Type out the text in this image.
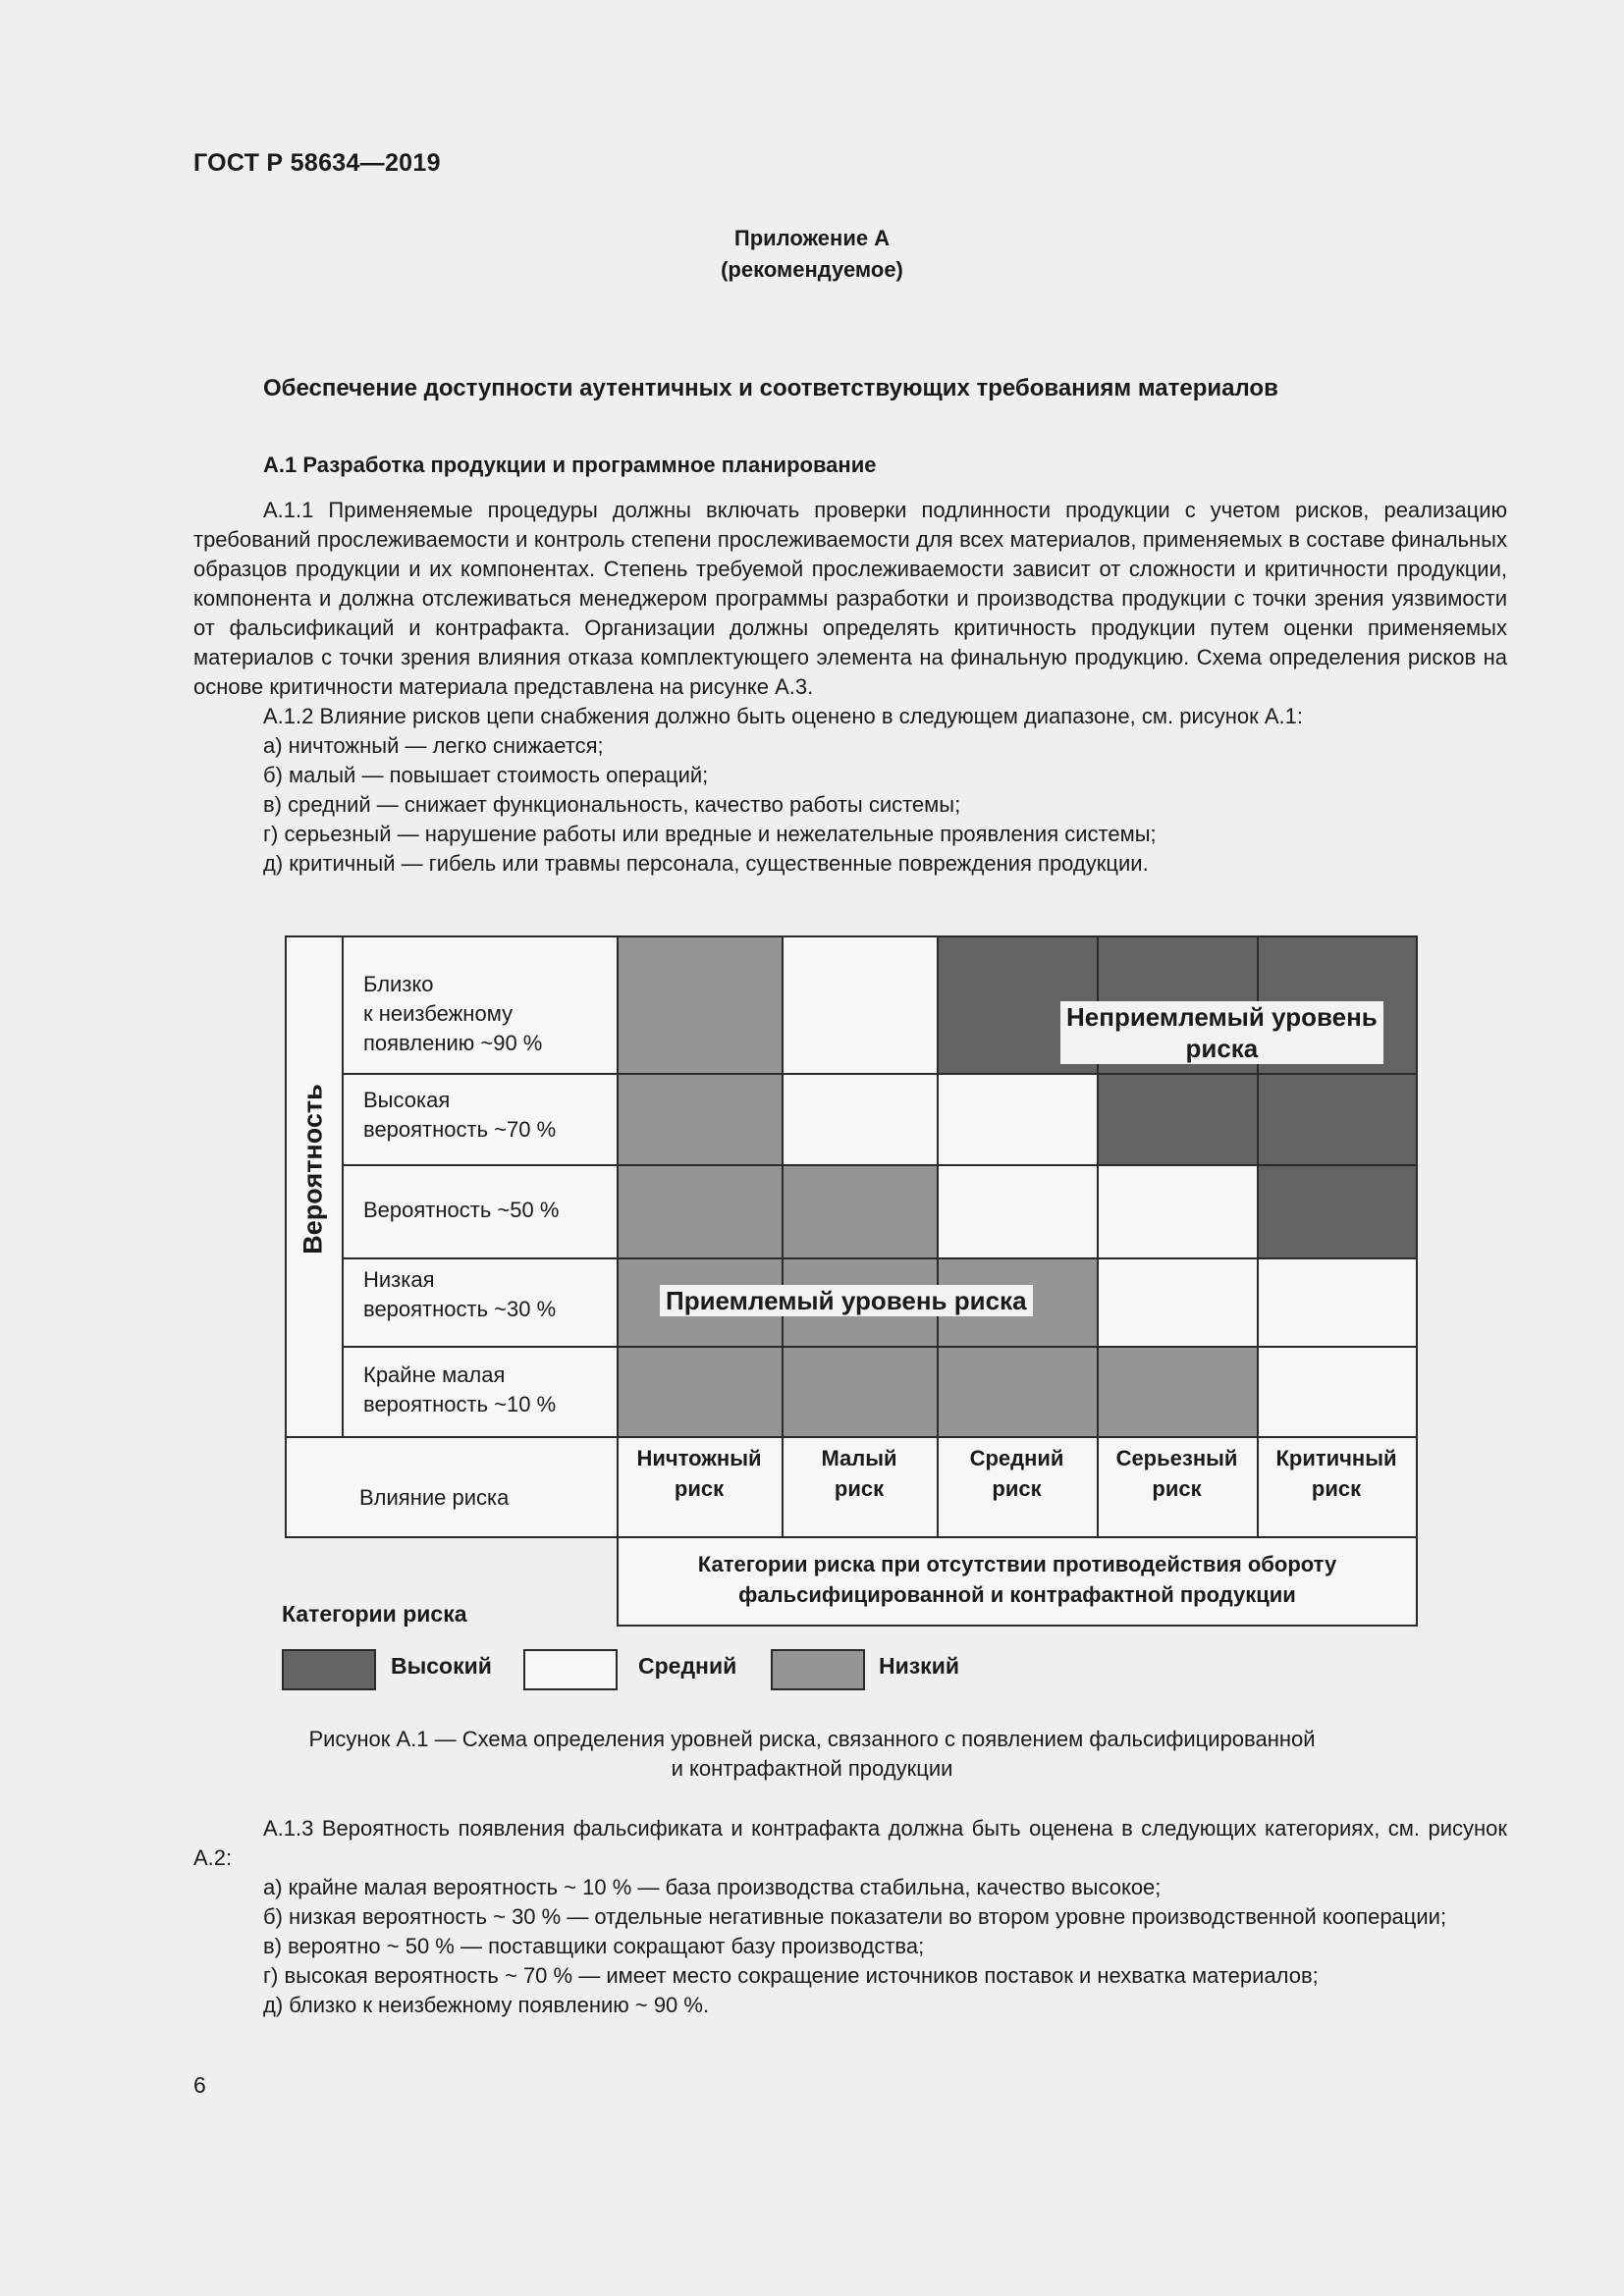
ГОСТ Р 58634—2019
Приложение А
(рекомендуемое)
Обеспечение доступности аутентичных и соответствующих требованиям материалов
А.1 Разработка продукции и программное планирование

А.1.1 Применяемые процедуры должны включать проверки подлинности продукции с учетом рисков, реализацию требований прослеживаемости и контроль степени прослеживаемости для всех материалов, применяемых в составе финальных образцов продукции и их компонентах. Степень требуемой прослеживаемости зависит от сложности и критичности продукции, компонента и должна отслеживаться менеджером программы разработки и производства продукции с точки зрения уязвимости от фальсификаций и контрафакта. Организации должны определять критичность продукции путем оценки применяемых материалов с точки зрения влияния отказа комплектующего элемента на финальную продукцию. Схема определения рисков на основе критичности материала представлена на рисунке А.3.

А.1.2 Влияние рисков цепи снабжения должно быть оценено в следующем диапазоне, см. рисунок А.1:

а) ничтожный — легко снижается;

б) малый — повышает стоимость операций;

в) средний — снижает функциональность, качество работы системы;

г) серьезный — нарушение работы или вредные и нежелательные проявления системы;

д) критичный — гибель или травмы персонала, существенные повреждения продукции.

Вероятность
Близко
к неизбежному
появлению ~90 %
Высокая
вероятность ~70 %
Вероятность ~50 %
Низкая
вероятность ~30 %
Крайне малая
вероятность ~10 %
Ничтожный
риск
Малый
риск
Средний
риск
Серьезный
риск
Критичный
риск
Влияние риска
Неприемлемый уровень
риска
Приемлемый уровень риска
Категории риска при отсутствии противодействия обороту
фальсифицированной и контрафактной продукции
Категории риска
Высокий	Средний	Низкий
Рисунок А.1 — Схема определения уровней риска, связанного с появлением фальсифицированной
и контрафактной продукции

А.1.3 Вероятность появления фальсификата и контрафакта должна быть оценена в следующих категориях, см. рисунок А.2:

а) крайне малая вероятность ~ 10 % — база производства стабильна, качество высокое;

б) низкая вероятность ~ 30 % — отдельные негативные показатели во втором уровне производственной кооперации;

в) вероятно ~ 50 % — поставщики сокращают базу производства;

г) высокая вероятность ~ 70 % — имеет место сокращение источников поставок и нехватка материалов;

д) близко к неизбежному появлению ~ 90 %.

6
